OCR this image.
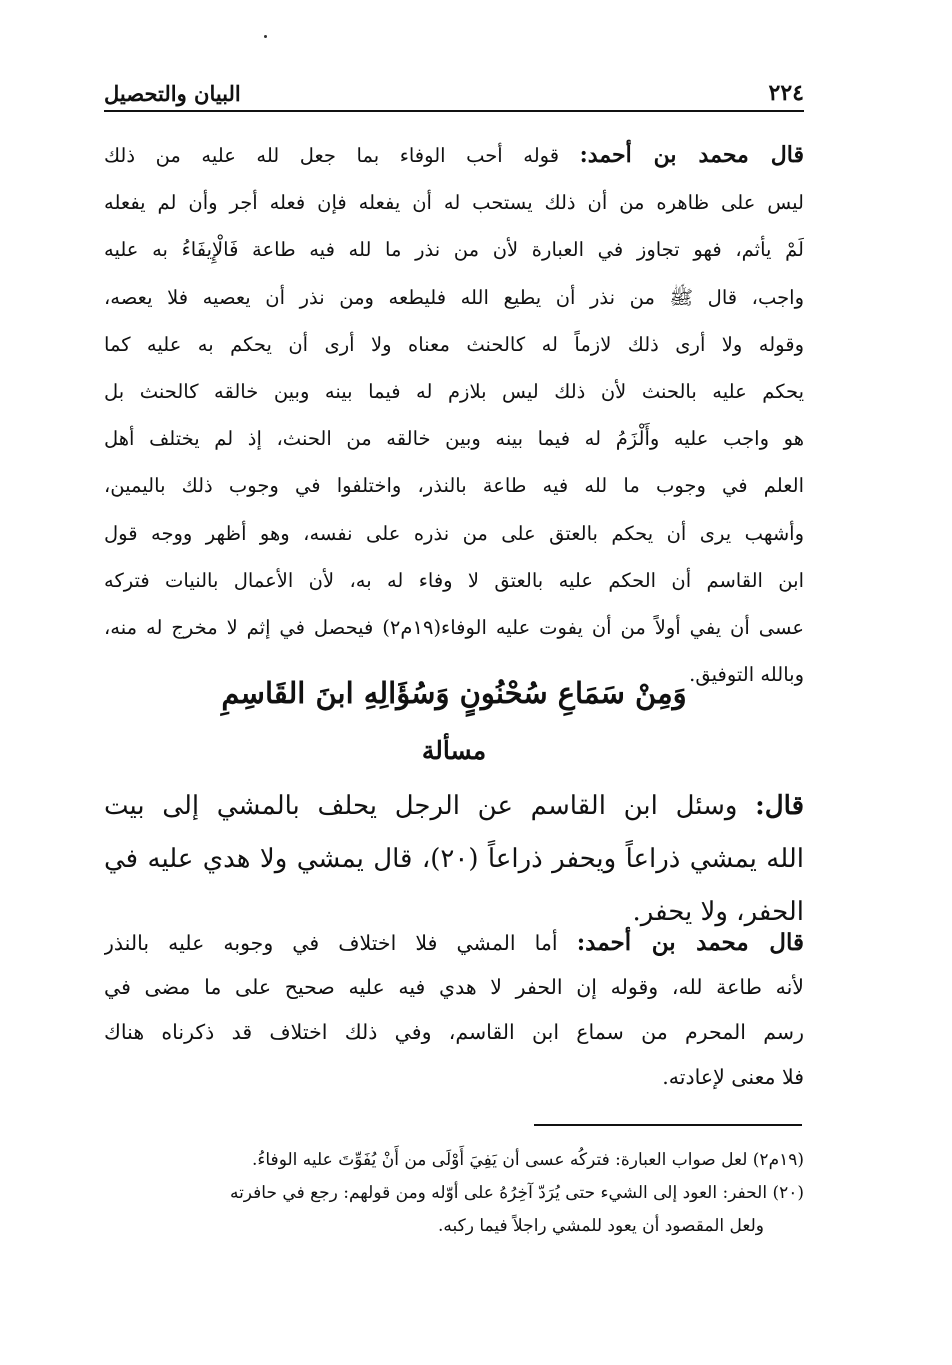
٢٢٤
البيان والتحصيل
قال محمد بن أحمد: قوله أحب الوفاء بما جعل لله عليه من ذلك
ليس على ظاهره من أن ذلك يستحب له أن يفعله فإن فعله أجر وأن لم يفعله
لَمْ يأثم، فهو تجاوز في العبارة لأن من نذر ما لله فيه طاعة فَالْإِيفَاءُ به عليه
واجب، قال ﷺ من نذر أن يطيع الله فليطعه ومن نذر أن يعصيه فلا يعصه،
وقوله ولا أرى ذلك لازماً له كالحنث معناه ولا أرى أن يحكم به عليه كما
يحكم عليه بالحنث لأن ذلك ليس بلازم له فيما بينه وبين خالقه كالحنث بل
هو واجب عليه وأَلْزَمُ له فيما بينه وبين خالقه من الحنث، إذ لم يختلف أهل
العلم في وجوب ما لله فيه طاعة بالنذر، واختلفوا في وجوب ذلك باليمين،
وأشهب يرى أن يحكم بالعتق على من نذره على نفسه، وهو أظهر ووجه قول
ابن القاسم أن الحكم عليه بالعتق لا وفاء له به، لأن الأعمال بالنيات فتركه
عسى أن يفي أولاً من أن يفوت عليه الوفاء(١٩م٢) فيحصل في إثم لا مخرج له منه،
وبالله التوفيق.
وَمِنْ سَمَاعِ سُحْنُونٍ وَسُؤَالِهِ ابنَ القَاسِمِ
مسألة
قال: وسئل ابن القاسم عن الرجل يحلف بالمشي إلى بيت
الله يمشي ذراعاً ويحفر ذراعاً (٢٠)، قال يمشي ولا هدي عليه في
الحفر، ولا يحفر.
قال محمد بن أحمد: أما المشي فلا اختلاف في وجوبه عليه بالنذر
لأنه طاعة لله، وقوله إن الحفر لا هدي فيه عليه صحيح على ما مضى في
رسم المحرم من سماع ابن القاسم، وفي ذلك اختلاف قد ذكرناه هناك
فلا معنى لإعادته.
(١٩م٢) لعل صواب العبارة: فتركُه عسى أن يَفِيَ أَوْلَى من أَنْ يُفَوِّتَ عليه الوفاءُ.
(٢٠) الحفر: العود إلى الشيء حتى يُرَدّ آخِرُهُ على أوّله ومن قولهم: رجع في حافرته
ولعل المقصود أن يعود للمشي راجلاً فيما ركبه.
